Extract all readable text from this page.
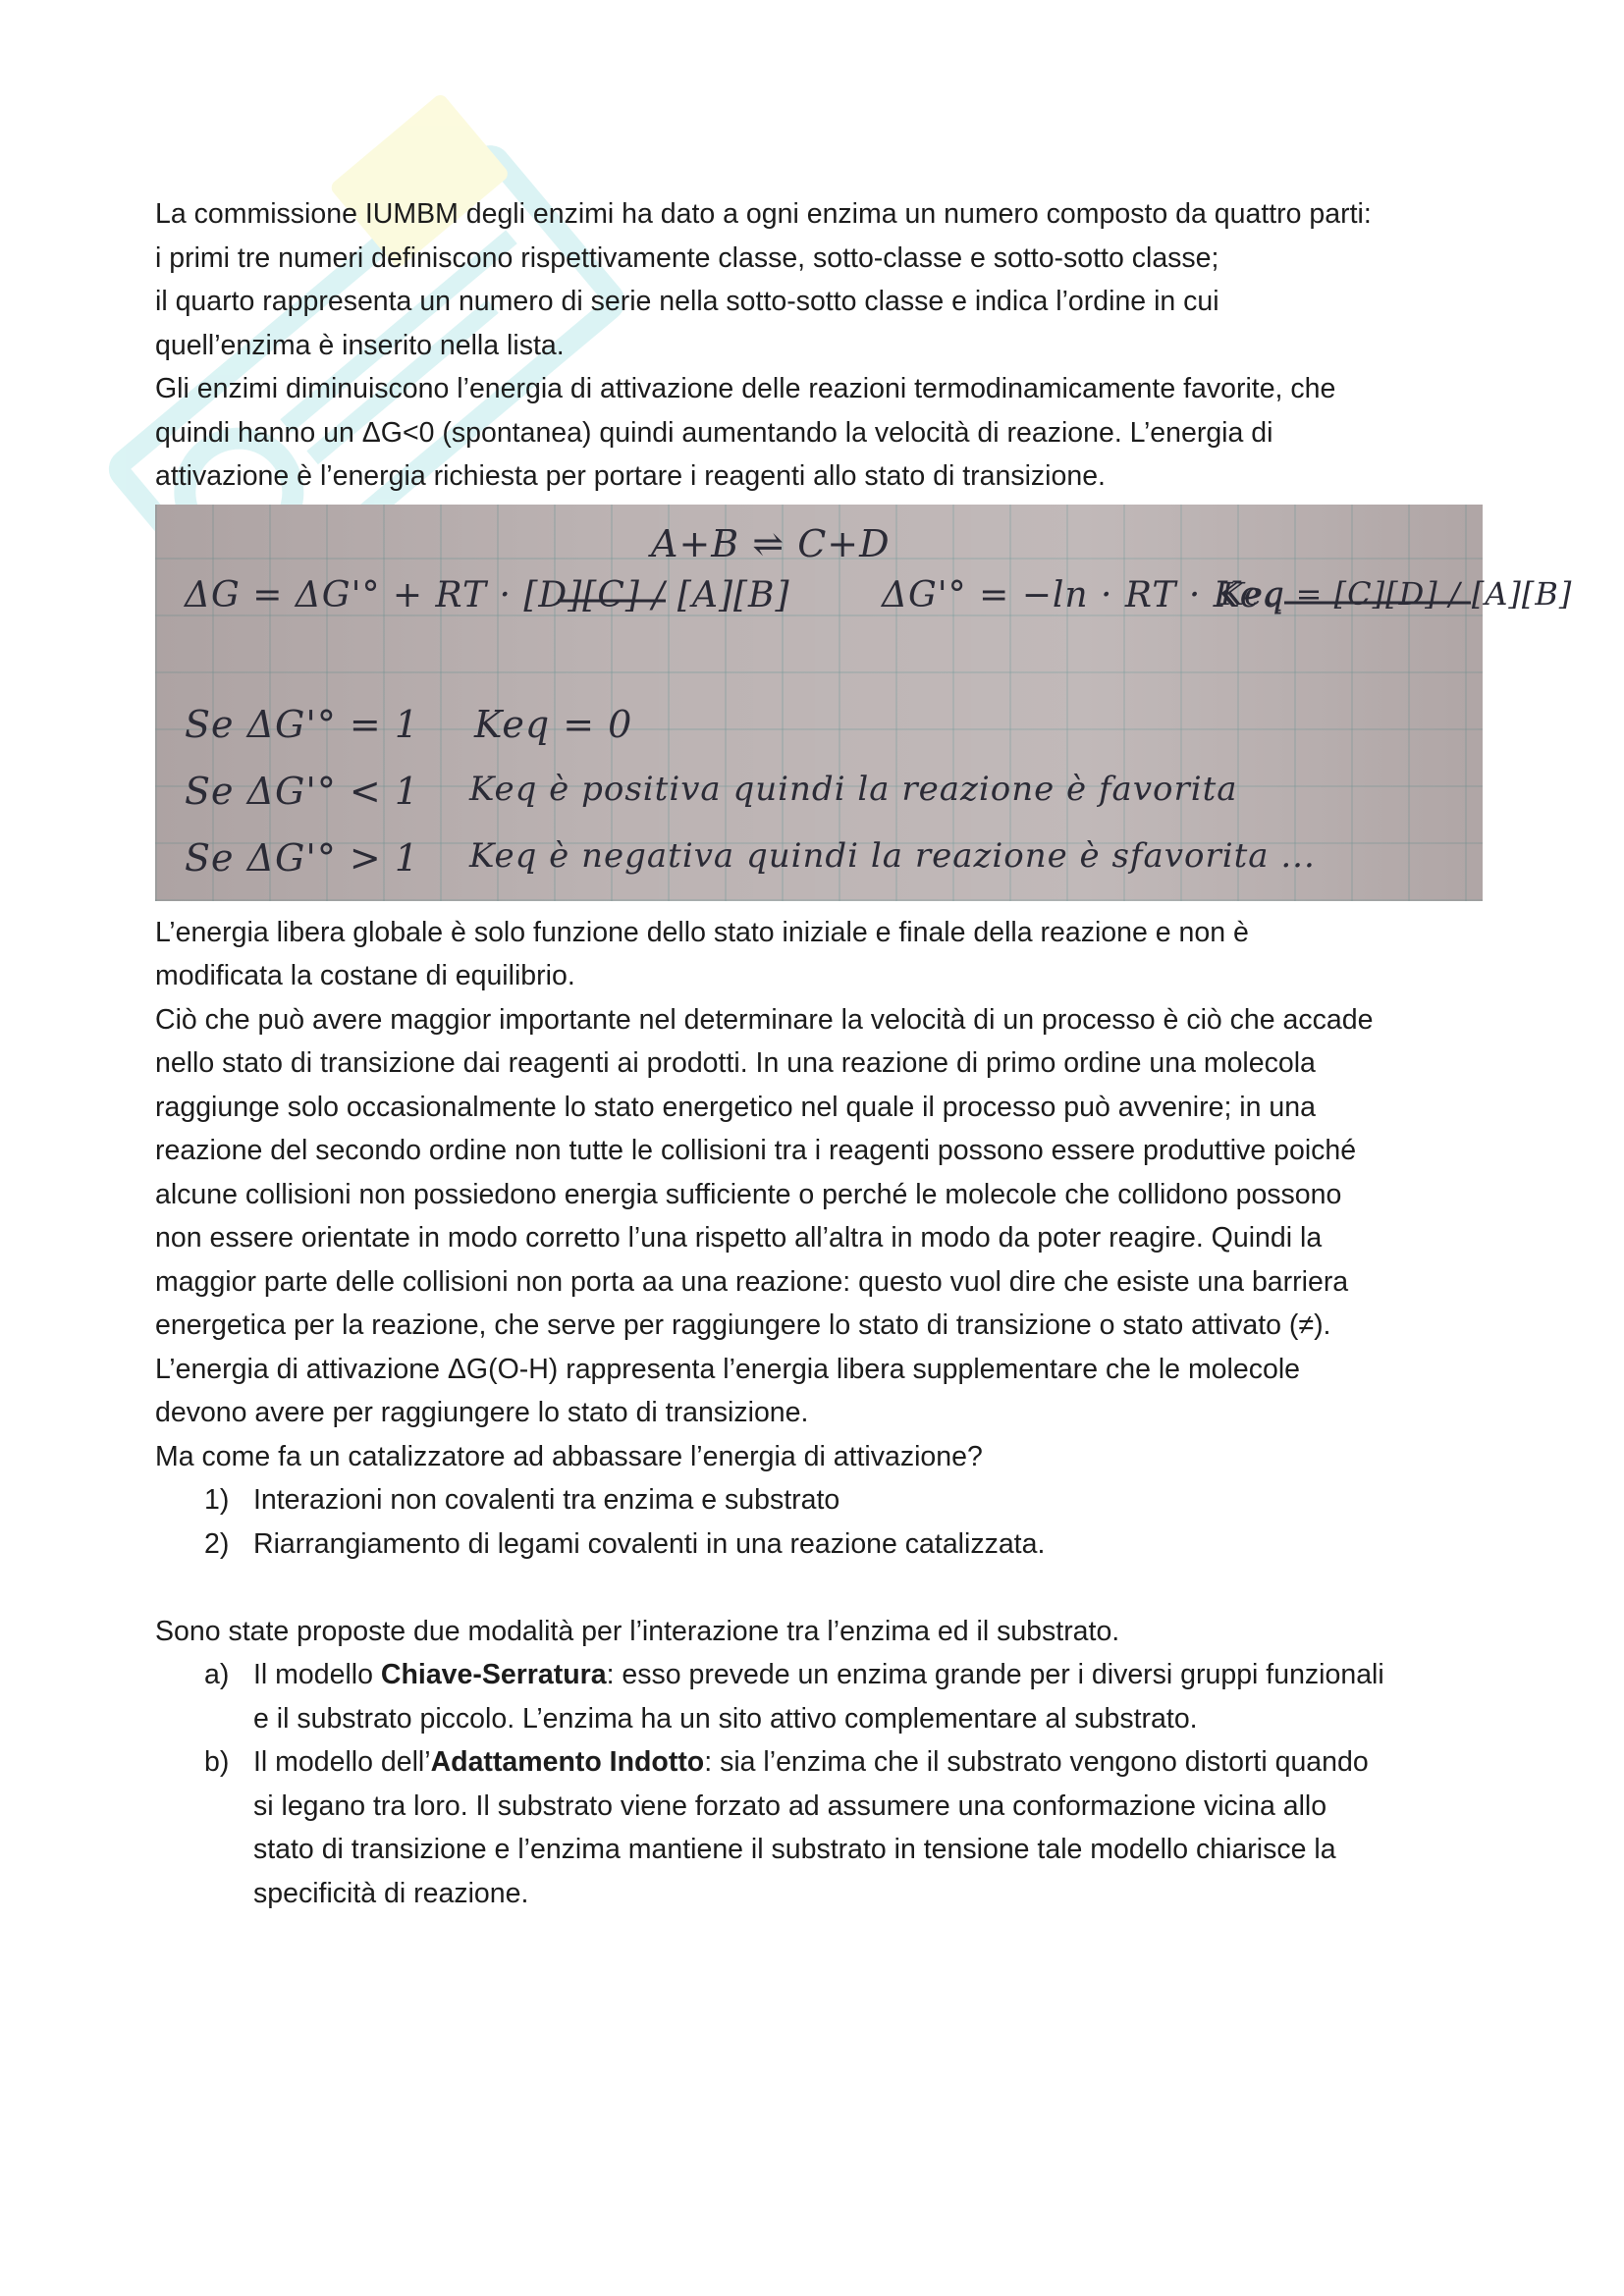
La commissione IUMBM degli enzimi ha dato a ogni enzima un numero composto da quattro parti:

i primi tre numeri definiscono rispettivamente classe, sotto-classe e sotto-sotto classe;

il quarto rappresenta un numero di serie nella sotto-sotto classe e indica l’ordine in cui

quell’enzima è inserito nella lista.

Gli enzimi diminuiscono l’energia di attivazione delle reazioni termodinamicamente favorite, che

quindi hanno un ΔG<0 (spontanea) quindi aumentando la velocità di reazione. L’energia di

attivazione è l’energia richiesta per portare i reagenti allo stato di transizione.

A+B ⇌ C+D
ΔG = ΔG'° + RT · [D][C] / [A][B]	ΔG'° = −ln · RT · Keq
Keq = [C][D] / [A][B]
Se ΔG'° = 1 Keq = 0
Se ΔG'° < 1 Keq è positiva quindi la reazione è favorita
Se ΔG'° > 1 Keq è negativa quindi la reazione è sfavorita ...

L’energia libera globale è solo funzione dello stato iniziale e finale della reazione e non è

modificata la costane di equilibrio.

Ciò che può avere maggior importante nel determinare la velocità di un processo è ciò che accade

nello stato di transizione dai reagenti ai prodotti. In una reazione di primo ordine una molecola

raggiunge solo occasionalmente lo stato energetico nel quale il processo può avvenire; in una

reazione del secondo ordine non tutte le collisioni tra i reagenti possono essere produttive poiché

alcune collisioni non possiedono energia sufficiente o perché le molecole che collidono possono

non essere orientate in modo corretto l’una rispetto all’altra in modo da poter reagire. Quindi la

maggior parte delle collisioni non porta aa una reazione: questo vuol dire che esiste una barriera

energetica per la reazione, che serve per raggiungere lo stato di transizione o stato attivato (≠).

L’energia di attivazione ΔG(O-H) rappresenta l’energia libera supplementare che le molecole

devono avere per raggiungere lo stato di transizione.

Ma come fa un catalizzatore ad abbassare l’energia di attivazione?

1) Interazioni non covalenti tra enzima e substrato
2) Riarrangiamento di legami covalenti in una reazione catalizzata.

Sono state proposte due modalità per l’interazione tra l’enzima ed il substrato.

a) Il modello Chiave-Serratura: esso prevede un enzima grande per i diversi gruppi funzionali
e il substrato piccolo. L’enzima ha un sito attivo complementare al substrato.
b) Il modello dell’Adattamento Indotto: sia l’enzima che il substrato vengono distorti quando
si legano tra loro. Il substrato viene forzato ad assumere una conformazione vicina allo
stato di transizione e l’enzima mantiene il substrato in tensione tale modello chiarisce la
specificità di reazione.
